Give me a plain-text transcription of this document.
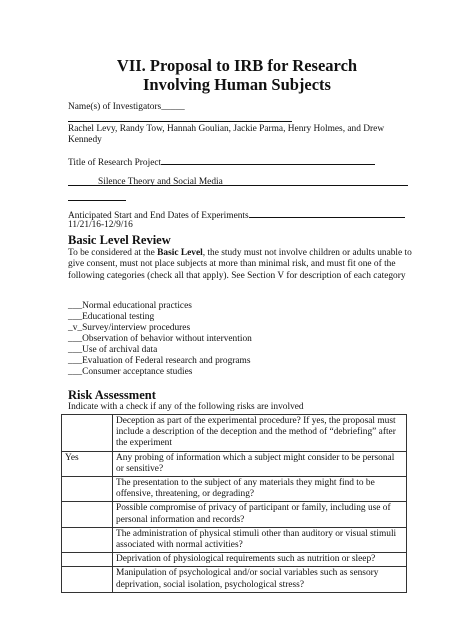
VII. Proposal to IRB for Research
Involving Human Subjects
Name(s) of Investigators_____
Rachel Levy, Randy Tow, Hannah Goulian, Jackie Parma, Henry Holmes, and Drew
Kennedy
Title of Research Project
Silence Theory and Social Media
Anticipated Start and End Dates of Experiments
11/21/16-12/9/16
Basic Level Review
To be considered at the Basic Level, the study must not involve children or adults unable to give consent, must not place subjects at more than minimal risk, and must fit one of the following categories (check all that apply). See Section V for description of each category
___Normal educational practices
___Educational testing
_v_Survey/interview procedures
___Observation of behavior without intervention
___Use of archival data
___Evaluation of Federal research and programs
___Consumer acceptance studies
Risk Assessment
Indicate with a check if any of the following risks are involved
	Deception as part of the experimental procedure? If yes, the proposal must include a description of the deception and the method of “debriefing” after the experiment
Yes	Any probing of information which a subject might consider to be personal or sensitive?
	The presentation to the subject of any materials they might find to be offensive, threatening, or degrading?
	Possible compromise of privacy of participant or family, including use of personal information and records?
	The administration of physical stimuli other than auditory or visual stimuli associated with normal activities?
	Deprivation of physiological requirements such as nutrition or sleep?
	Manipulation of psychological and/or social variables such as sensory deprivation, social isolation, psychological stress?
